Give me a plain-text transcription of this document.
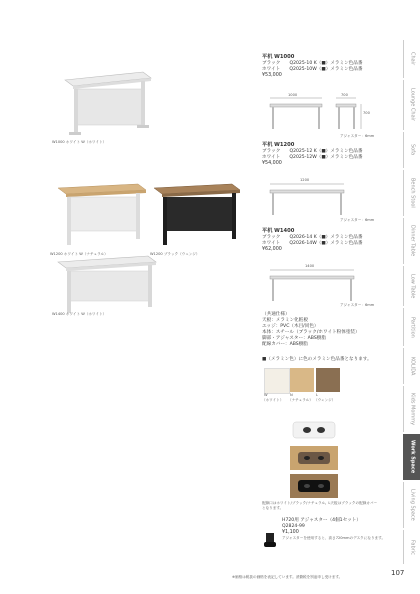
W1000 ホワイト W（ホワイト）
W1200 ホワイト W（ナチュラル）	W1200 ブラック（ウェンジ）
W1400 ホワイト W（ホワイト）
平机 W1000
ブラック　　Q2025-10 K（■）メラミン色品番
ホワイト　　Q2025-10W（■）メラミン色品番
¥53,000
1000	700
700
アジャスター：6mm
平机 W1200
ブラック　　Q2025-12 K（■）メラミン色品番
ホワイト　　Q2025-12W（■）メラミン色品番
¥54,000
1200
アジャスター：6mm
平机 W1400
ブラック　　Q2026-14 K（■）メラミン色品番
ホワイト　　Q2026-14W（■）メラミン色品番
¥62,000
1400
アジャスター：6mm
（共通仕様）
天板：メラミン化粧板
エッジ：PVC（木目/同色）
本体：スチール（ブラック/ホワイト粉体塗装）
脚部・アジャスター：ABS樹脂
配線カバー：ABS樹脂
■（メラミン色）に色のメラミン色品番となります。
W
（ホワイト）
N
（ナチュラル）
L
（ウェンジ）
配線口はホワイト/ブラック/ナチュラル。L天板はブラックの配線カバーとなります。
H720用 アジャスター（4個1セット）
Q2824-99
¥1,100
アジャスターを使用すると、高さ720mmのデスクになります。
※価格は税抜の価格を表記しています。消費税を別途申し受けます。	107
Chair
Lounge Chair
Sofa
Bench Stool
Dinner Table
Low Table
Partition
KOLIDA
Kids Mommy
Work Space
Living Space
Fabric
